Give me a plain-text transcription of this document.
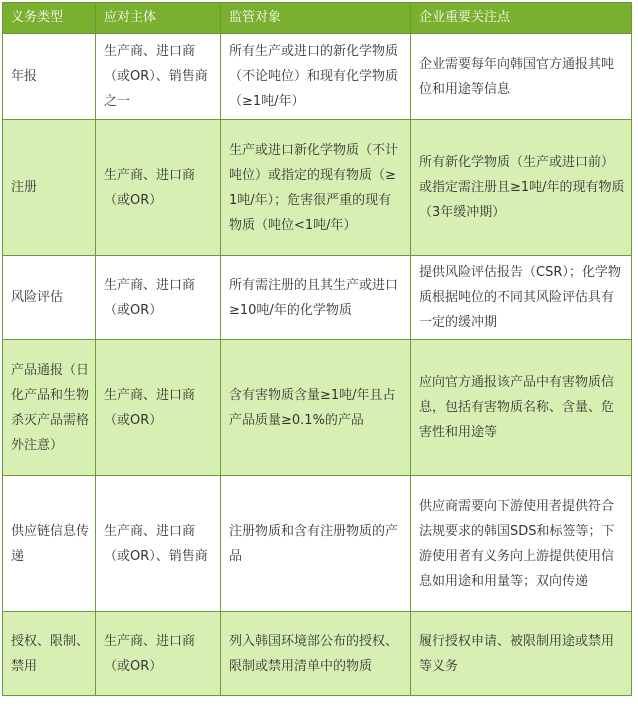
义务类型	应对主体	监管对象	企业重要关注点
年报	生产商、进口商（或OR）、销售商之一	所有生产或进口的新化学物质（不论吨位）和现有化学物质（≥1吨/年）	企业需要每年向韩国官方通报其吨位和用途等信息
注册	生产商、进口商（或OR）	生产或进口新化学物质（不计吨位）或指定的现有物质（≥1吨/年）；危害很严重的现有物质（吨位<1吨/年）	所有新化学物质（生产或进口前）或指定需注册且≥1吨/年的现有物质（3年缓冲期）
风险评估	生产商、进口商（或OR）	所有需注册的且其生产或进口≥10吨/年的化学物质	提供风险评估报告（CSR）；化学物质根据吨位的不同其风险评估具有一定的缓冲期
产品通报（日化产品和生物杀灭产品需格外注意）	生产商、进口商（或OR）	含有害物质含量≥1吨/年且占产品质量≥0.1%的产品	应向官方通报该产品中有害物质信息，包括有害物质名称、含量、危害性和用途等
供应链信息传递	生产商、进口商（或OR）、销售商	注册物质和含有注册物质的产品	供应商需要向下游使用者提供符合法规要求的韩国SDS和标签等；下游使用者有义务向上游提供使用信息如用途和用量等；双向传递
授权、限制、禁用	生产商、进口商（或OR）	列入韩国环境部公布的授权、限制或禁用清单中的物质	履行授权申请、被限制用途或禁用等义务
